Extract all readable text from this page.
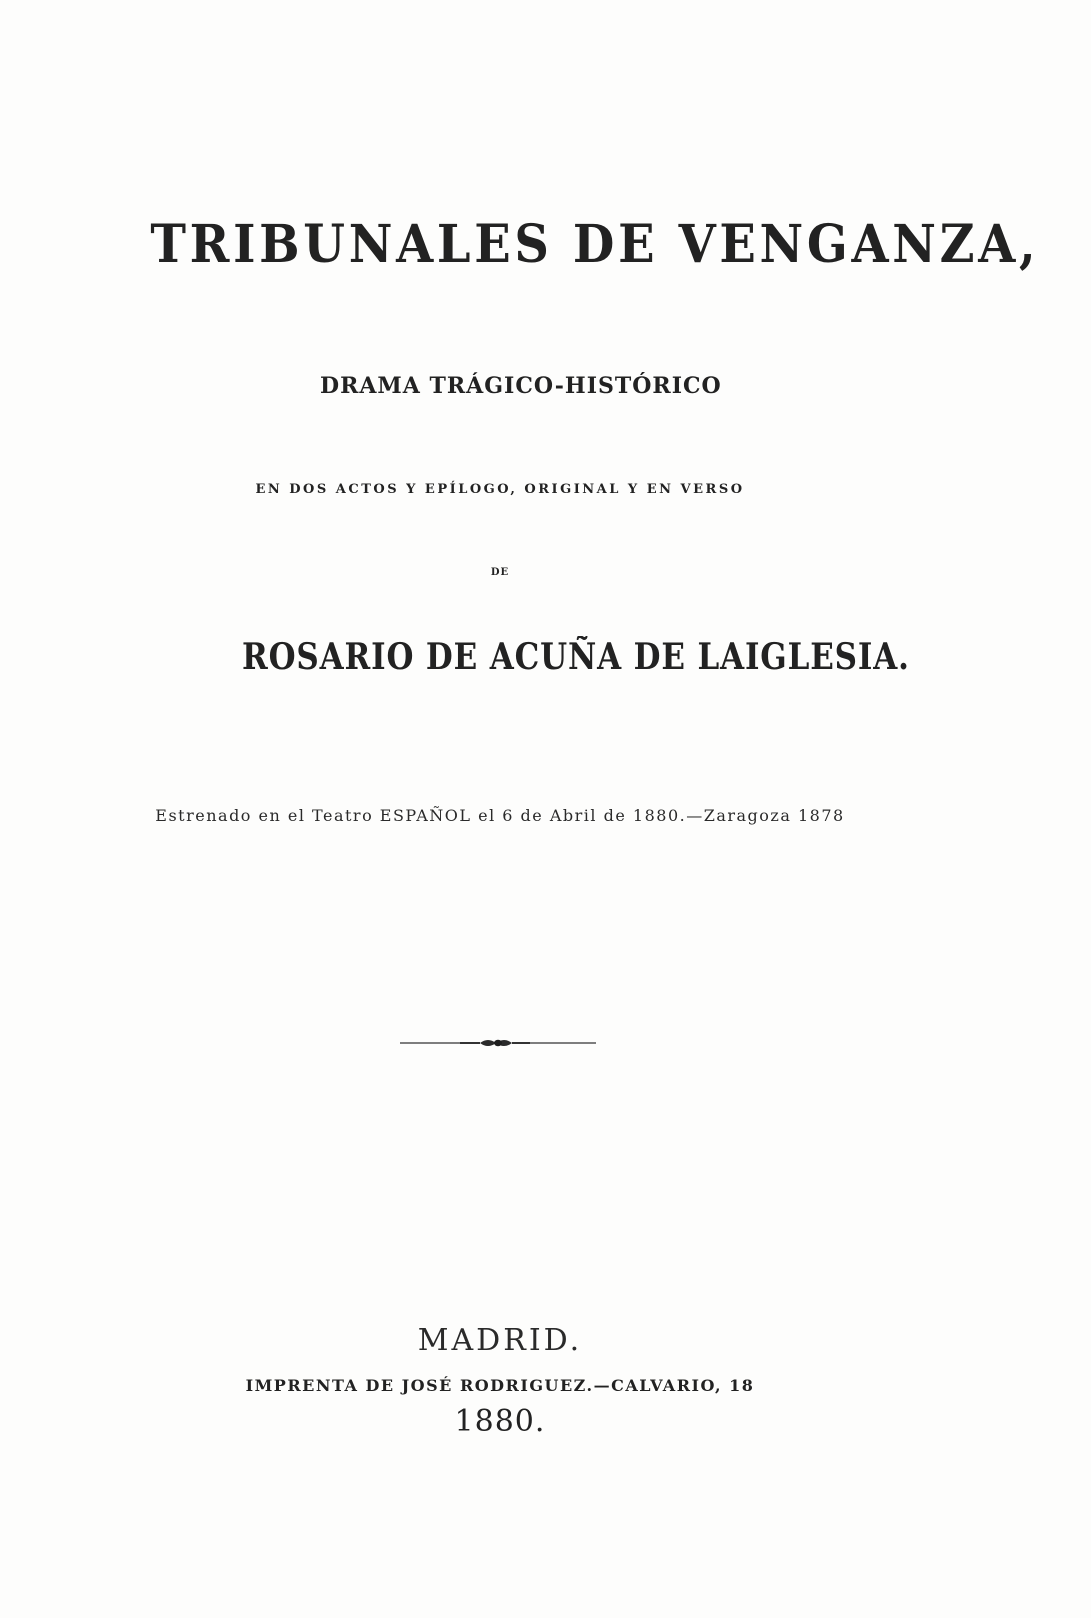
TRIBUNALES DE VENGANZA,
DRAMA TRÁGICO-HISTÓRICO
EN DOS ACTOS Y EPÍLOGO, ORIGINAL Y EN VERSO
DE
ROSARIO DE ACUÑA DE LAIGLESIA.
Estrenado en el Teatro ESPAÑOL el 6 de Abril de 1880.—Zaragoza 1878
MADRID.
IMPRENTA DE JOSÉ RODRIGUEZ.—CALVARIO, 18
1880.
